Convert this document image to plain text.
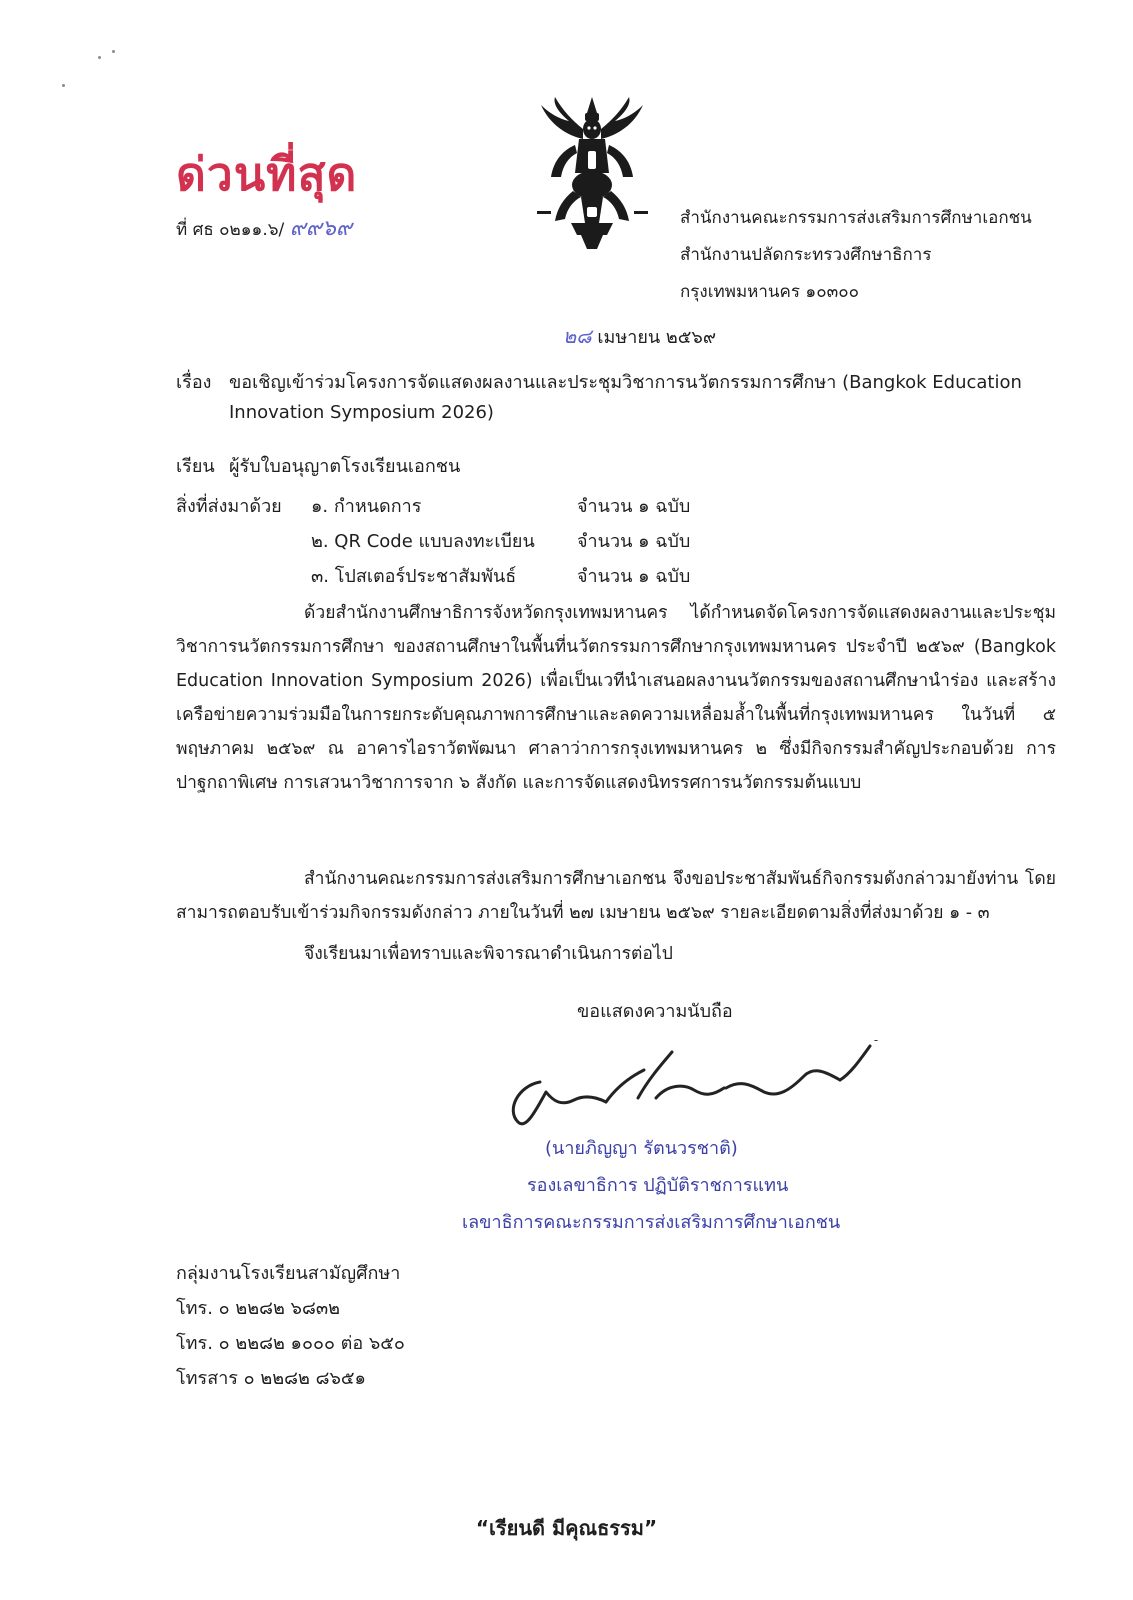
ด่วนที่สุด
ที่ ศธ ๐๒๑๑.๖/ ๙๙๖๙	สำนักงานคณะกรรมการส่งเสริมการศึกษาเอกชน
สำนักงานปลัดกระทรวงศึกษาธิการ
กรุงเทพมหานคร ๑๐๓๐๐
๒๘ เมษายน ๒๕๖๙
เรื่อง ขอเชิญเข้าร่วมโครงการจัดแสดงผลงานและประชุมวิชาการนวัตกรรมการศึกษา (Bangkok Education
Innovation Symposium 2026)
เรียน ผู้รับใบอนุญาตโรงเรียนเอกชน
สิ่งที่ส่งมาด้วย ๑. กำหนดการ	จำนวน ๑ ฉบับ
๒. QR Code แบบลงทะเบียน จำนวน ๑ ฉบับ
๓. โปสเตอร์ประชาสัมพันธ์	จำนวน ๑ ฉบับ
ด้วยสำนักงานศึกษาธิการจังหวัดกรุงเทพมหานคร ได้กำหนดจัดโครงการจัดแสดงผลงานและประชุมวิชาการนวัตกรรมการศึกษา ของสถานศึกษาในพื้นที่นวัตกรรมการศึกษากรุงเทพมหานคร ประจำปี ๒๕๖๙ (Bangkok Education Innovation Symposium 2026) เพื่อเป็นเวทีนำเสนอผลงานนวัตกรรมของสถานศึกษานำร่อง และสร้างเครือข่ายความร่วมมือในการยกระดับคุณภาพการศึกษาและลดความเหลื่อมล้ำในพื้นที่กรุงเทพมหานคร ในวันที่ ๕ พฤษภาคม ๒๕๖๙ ณ อาคารไอราวัตพัฒนา ศาลาว่าการกรุงเทพมหานคร ๒ ซึ่งมีกิจกรรมสำคัญประกอบด้วย การปาฐกถาพิเศษ การเสวนาวิชาการจาก ๖ สังกัด และการจัดแสดงนิทรรศการนวัตกรรมต้นแบบ
สำนักงานคณะกรรมการส่งเสริมการศึกษาเอกชน จึงขอประชาสัมพันธ์กิจกรรมดังกล่าวมายังท่าน โดยสามารถตอบรับเข้าร่วมกิจกรรมดังกล่าว ภายในวันที่ ๒๗ เมษายน ๒๕๖๙ รายละเอียดตามสิ่งที่ส่งมาด้วย ๑ - ๓
จึงเรียนมาเพื่อทราบและพิจารณาดำเนินการต่อไป
ขอแสดงความนับถือ
(นายภิญญา รัตนวรชาติ)
รองเลขาธิการ ปฏิบัติราชการแทน
เลขาธิการคณะกรรมการส่งเสริมการศึกษาเอกชน
กลุ่มงานโรงเรียนสามัญศึกษา
โทร. ๐ ๒๒๘๒ ๖๘๓๒
โทร. ๐ ๒๒๘๒ ๑๐๐๐ ต่อ ๖๕๐
โทรสาร ๐ ๒๒๘๒ ๘๖๕๑
“เรียนดี มีคุณธรรม”
